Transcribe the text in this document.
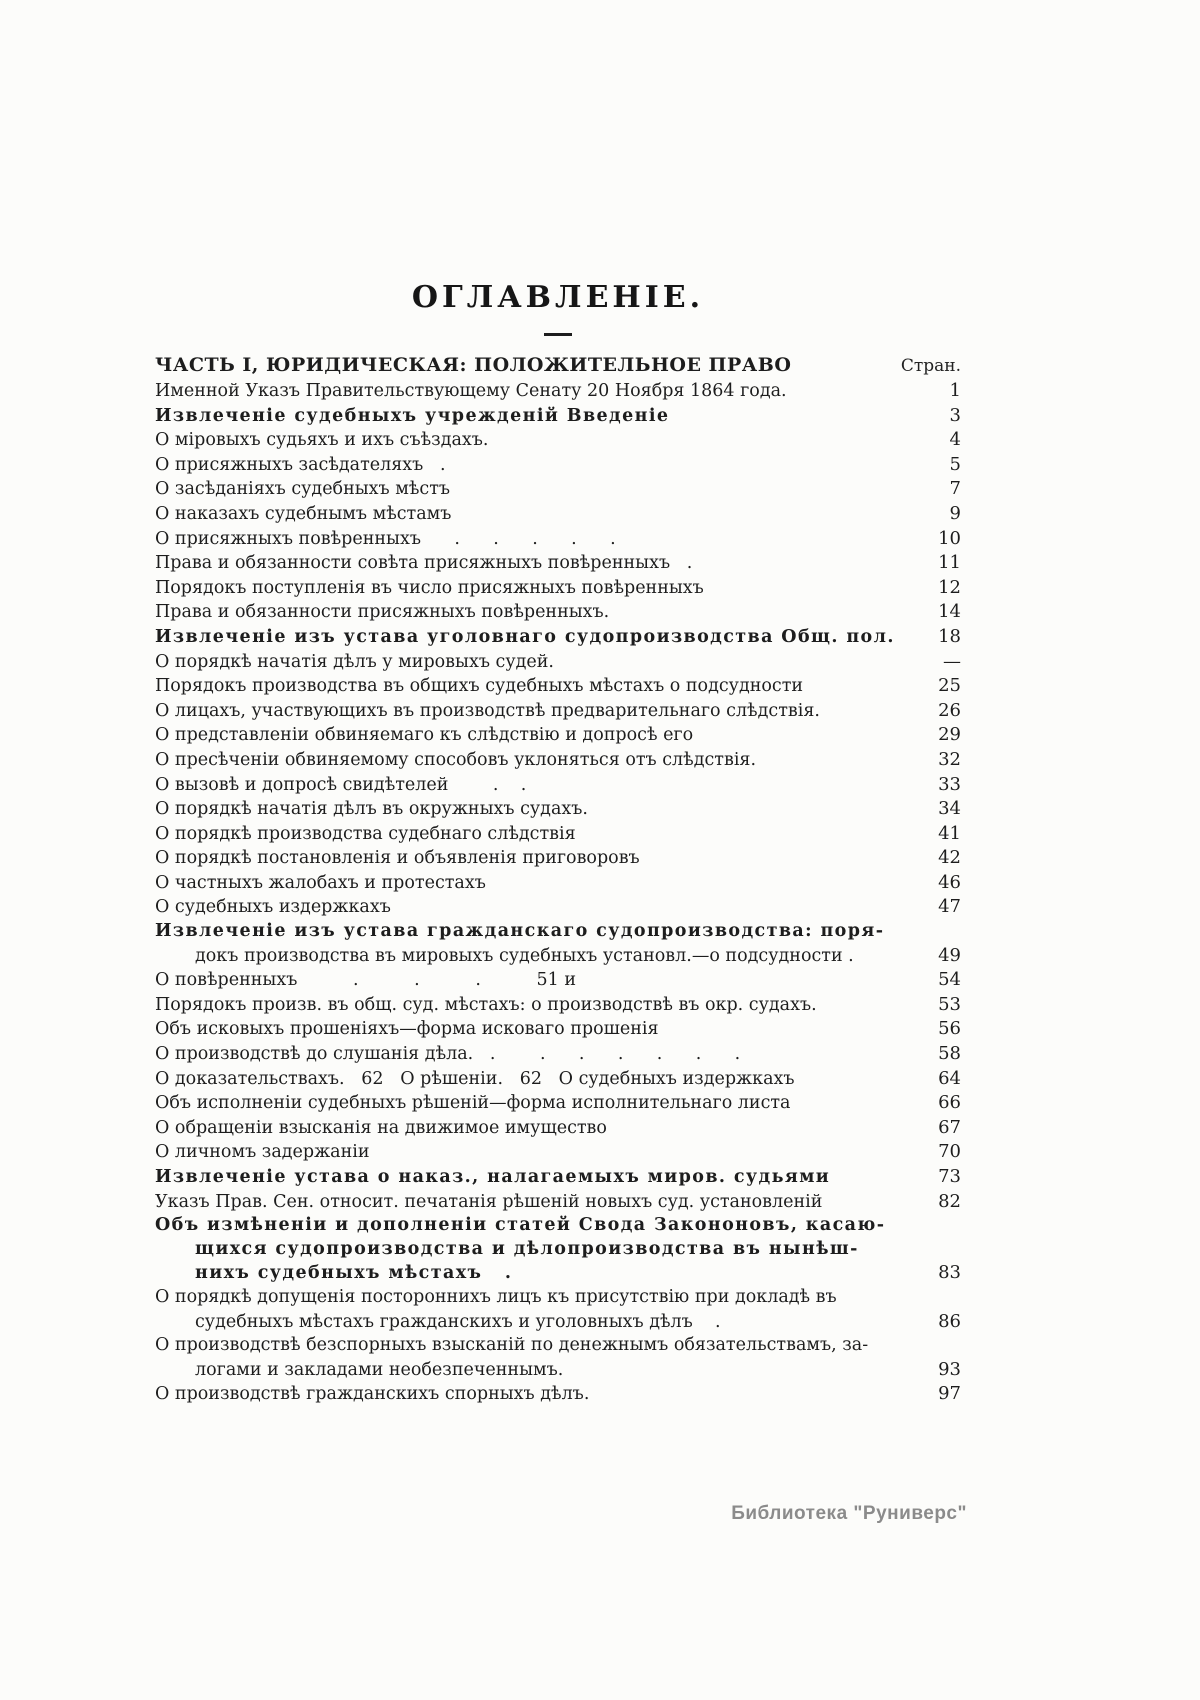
ОГЛАВЛЕНІЕ.
ЧАСТЬ I, ЮРИДИЧЕСКАЯ: ПОЛОЖИТЕЛЬНОЕ ПРАВО	Стран.
Именной Указъ Правительствующему Сенату 20 Ноября 1864 года.	1
Извлеченіе судебныхъ учрежденій Введеніе	3
О міровыхъ судьяхъ и ихъ съѣздахъ.	4
О присяжныхъ засѣдателяхъ   .	5
О засѣданіяхъ судебныхъ мѣстъ	7
О наказахъ судебнымъ мѣстамъ	9
О присяжныхъ повѣренныхъ      .      .      .      .      .	10
Права и обязанности совѣта присяжныхъ повѣренныхъ   .	11
Порядокъ поступленія въ число присяжныхъ повѣренныхъ	12
Права и обязанности присяжныхъ повѣренныхъ.	14
Извлеченіе изъ устава уголовнаго судопроизводства Общ. пол.	18
О порядкѣ начатія дѣлъ у мировыхъ судей.	—
Порядокъ производства въ общихъ судебныхъ мѣстахъ о подсудности	25
О лицахъ, участвующихъ въ производствѣ предварительнаго слѣдствія.	26
О представленіи обвиняемаго къ слѣдствію и допросѣ его	29
О пресѣченіи обвиняемому способовъ уклоняться отъ слѣдствія.	32
О вызовѣ и допросѣ свидѣтелей        .    .	33
О порядкѣ начатія дѣлъ въ окружныхъ судахъ.	34
О порядкѣ производства судебнаго слѣдствія	41
О порядкѣ постановленія и объявленія приговоровъ	42
О частныхъ жалобахъ и протестахъ	46
О судебныхъ издержкахъ	47
Извлеченіе изъ устава гражданскаго судопроизводства: поря-
докъ производства въ мировыхъ судебныхъ установл.—о подсудности .	49
О повѣренныхъ          .          .          .          51 и	54
Порядокъ произв. въ общ. суд. мѣстахъ: о производствѣ въ окр. судахъ.	53
Объ исковыхъ прошеніяхъ—форма исковаго прошенія	56
О производствѣ до слушанія дѣла.   .        .      .      .      .      .      .	58
О доказательствахъ.   62   О рѣшеніи.   62   О судебныхъ издержкахъ	64
Объ исполненіи судебныхъ рѣшеній—форма исполнительнаго листа	66
О обращеніи взысканія на движимое имущество	67
О личномъ задержаніи	70
Извлеченіе устава о наказ., налагаемыхъ миров. судьями	73
Указъ Прав. Сен. относит. печатанія рѣшеній новыхъ суд. установленій	82
Объ измѣненіи и дополненіи статей Свода Закононовъ, касаю-
щихся судопроизводства и дѣлопроизводства въ нынѣш-
нихъ судебныхъ мѣстахъ   .	83
О порядкѣ допущенія постороннихъ лицъ къ присутствію при докладѣ въ
судебныхъ мѣстахъ гражданскихъ и уголовныхъ дѣлъ    .	86
О производствѣ безспорныхъ взысканій по денежнымъ обязательствамъ, за-
логами и закладами необезпеченнымъ.	93
О производствѣ гражданскихъ спорныхъ дѣлъ.	97
Библиотека "Руниверс"
